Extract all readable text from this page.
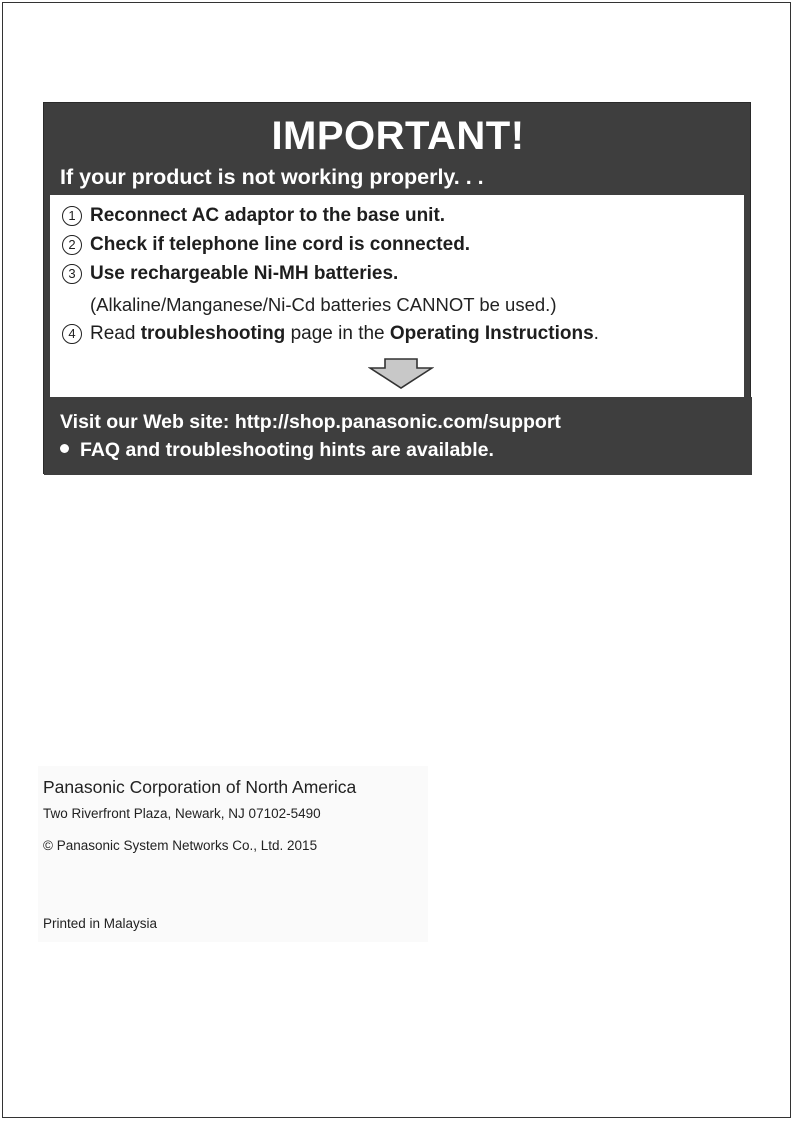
IMPORTANT!
If your product is not working properly. . .
1 Reconnect AC adaptor to the base unit.
2 Check if telephone line cord is connected.
3 Use rechargeable Ni-MH batteries.
(Alkaline/Manganese/Ni-Cd batteries CANNOT be used.)
4 Read troubleshooting page in the Operating Instructions.
Visit our Web site: http://shop.panasonic.com/support
FAQ and troubleshooting hints are available.
Panasonic Corporation of North America
Two Riverfront Plaza, Newark, NJ 07102-5490
© Panasonic System Networks Co., Ltd. 2015
Printed in Malaysia
